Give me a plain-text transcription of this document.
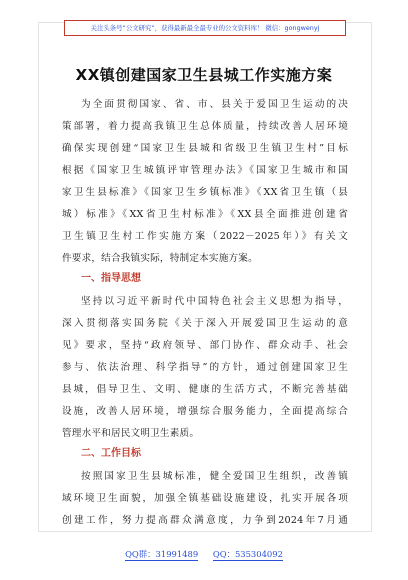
关注头条号“公文研究”，获得最新最全最专业的公文资料库！ 微信：gongwenyj
XX镇创建国家卫生县城工作实施方案
为全面贯彻国家、省、市、县关于爱国卫生运动的决
策部署，着力提高我镇卫生总体质量，持续改善人居环境
确保实现创建“国家卫生县城和省级卫生镇卫生村”目标
根据《国家卫生城镇评审管理办法》《国家卫生城市和国
家卫生县标准》《国家卫生乡镇标准》《XX省卫生镇（县
城）标准》《XX省卫生村标准》《XX县全面推进创建省
卫生镇卫生村工作实施方案（2022－2025年）》有关文
件要求，结合我镇实际，特制定本实施方案。
一、指导思想
坚持以习近平新时代中国特色社会主义思想为指导，
深入贯彻落实国务院《关于深入开展爱国卫生运动的意
见》要求，坚持“政府领导、部门协作、群众动手、社会
参与、依法治理、科学指导”的方针，通过创建国家卫生
县城，倡导卫生、文明、健康的生活方式，不断完善基础
设施，改善人居环境，增强综合服务能力，全面提高综合
管理水平和居民文明卫生素质。
二、工作目标
按照国家卫生县城标准，健全爱国卫生组织，改善镇
域环境卫生面貌，加强全镇基础设施建设，扎实开展各项
创建工作，努力提高群众满意度，力争到2024年7月通
QQ群：31991489 QQ：535304092
